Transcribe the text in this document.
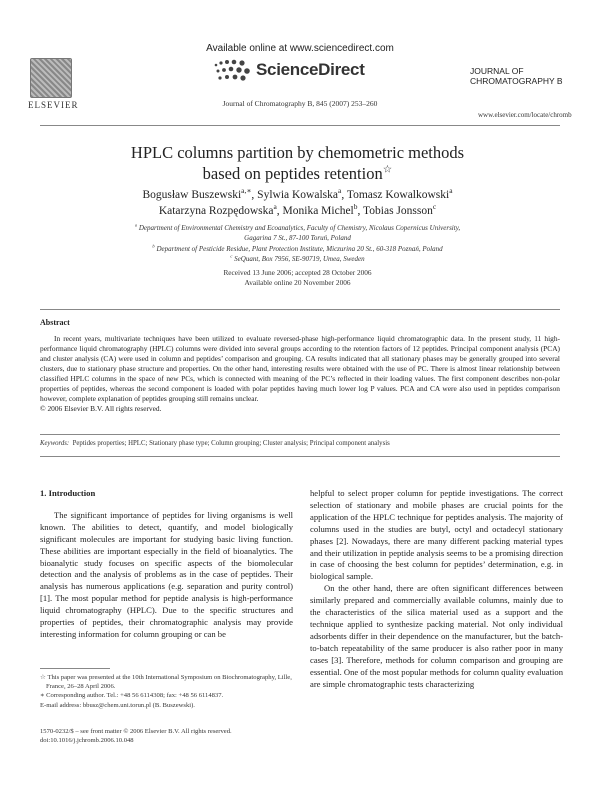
Available online at www.sciencedirect.com
ScienceDirect
Journal of Chromatography B, 845 (2007) 253–260
ELSEVIER
JOURNAL OF
CHROMATOGRAPHY B
www.elsevier.com/locate/chromb
HPLC columns partition by chemometric methods
based on peptides retention☆
Bogusław Buszewski$^{a,∗}$, Sylwia Kowalska$^a$, Tomasz Kowalkowski$^a$
Katarzyna Rozpędowska$^a$, Monika Michel$^b$, Tobias Jonsson$^c$
$^a$ Department of Environmental Chemistry and Ecoanalytics, Faculty of Chemistry, Nicolaus Copernicus University,
Gagarina 7 St., 87-100 Toruń, Poland
$^b$ Department of Pesticide Residue, Plant Protection Institute, Miczurina 20 St., 60-318 Poznań, Poland
$^c$ SeQuant, Box 7956, SE-90719, Umea, Sweden
Received 13 June 2006; accepted 28 October 2006
Available online 20 November 2006
Abstract

In recent years, multivariate techniques have been utilized to evaluate reversed-phase high-performance liquid chromatographic data. In the present study, 11 high-performance liquid chromatography (HPLC) columns were divided into several groups according to the retention factors of 12 peptides. Principal component analysis (PCA) and cluster analysis (CA) were used in column and peptides’ comparison and grouping. CA results indicated that all stationary phases may be generally grouped into several clusters, due to stationary phase structure and properties. On the other hand, interesting results were obtained with the use of PC. There is almost linear relationship between classified HPLC columns in the space of new PCs, which is connected with meaning of the PC’s reflected in their loading values. The first component describes non-polar properties of peptides, whereas the second component is loaded with polar peptides having much lower log P values. PCA and CA were also used in peptides comparison however, complete explanation of peptides grouping still remains unclear.

© 2006 Elsevier B.V. All rights reserved.

Keywords: Peptides properties; HPLC; Stationary phase type; Column grouping; Cluster analysis; Principal component analysis

1. Introduction

The significant importance of peptides for living organisms is well known. The abilities to detect, quantify, and model biologically significant molecules are important for studying basic living function. These abilities are important especially in the field of bioanalytics. The bioanalytic study focuses on specific aspects of the biomolecular detection and the analysis of problems as in the case of peptides. Their analysis has numerous applications (e.g. separation and purity control) [1]. The most popular method for peptide analysis is high-performance liquid chromatography (HPLC). Due to the specific structures and properties of peptides, their chromatographic analysis may provide interesting information for column grouping or can be

helpful to select proper column for peptide investigations. The correct selection of stationary and mobile phases are crucial points for the application of the HPLC technique for peptides analysis. The majority of columns used in the studies are butyl, octyl and octadecyl stationary phases [2]. Nowadays, there are many different packing material types and their utilization in peptide analysis seems to be a promising direction in case of choosing the best column for peptides’ determination, e.g. in biological sample.

On the other hand, there are often significant differences between similarly prepared and commercially available columns, mainly due to the characteristics of the silica material used as a support and the technique applied to synthesize packing material. Not only individual adsorbents differ in their dependence on the manufacturer, but the batch-to-batch repeatability of the same producer is also rather poor in many cases [3]. Therefore, methods for column comparison and grouping are essential. One of the most popular methods for column quality evaluation are simple chromatographic tests characterizing

☆ This paper was presented at the 10th International Symposium on Biochromatography, Lille, France, 26–28 April 2006.
∗ Corresponding author. Tel.: +48 56 6114308; fax: +48 56 6114837.
E-mail address: bbusz@chem.uni.torun.pl (B. Buszewski).
1570-0232/$ – see front matter © 2006 Elsevier B.V. All rights reserved.
doi:10.1016/j.jchromb.2006.10.048
